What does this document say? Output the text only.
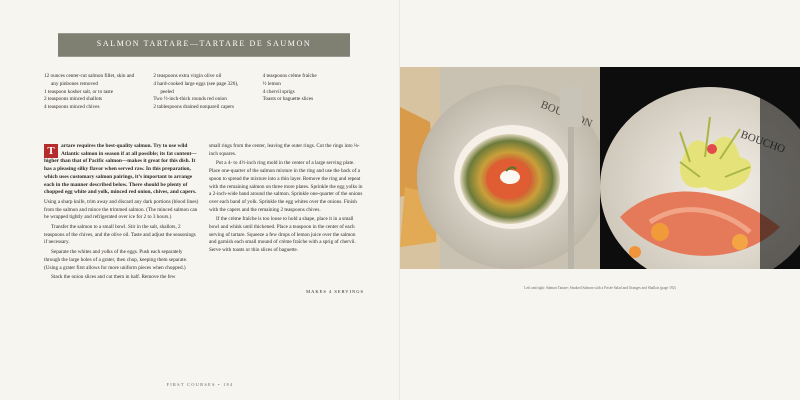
SALMON TARTARE—TARTARE DE SAUMON
12 ounces center-cut salmon fillet, skin and
any pinbones removed
1 teaspoon kosher salt, or to taste
2 teaspoons minced shallots
4 teaspoons minced chives
2 teaspoons extra virgin olive oil
4 hard-cooked large eggs (see page 326),
peeled
Two ½-inch-thick rounds red onion
2 tablespoons drained nonpareil capers
4 teaspoons crème fraîche
½ lemon
4 chervil sprigs
Toasts or baguette slices

T	artare requires the best-quality salmon. Try to use wild Atlantic salmon in season if at all possible; its fat content—higher than that of Pacific salmon—makes it great for this dish. It has a pleasing silky flavor when served raw. In this preparation, which uses customary salmon pairings, it’s important to arrange each in the manner described below. There should be plenty of chopped egg white and yolk, minced red onion, chives, and capers.

Using a sharp knife, trim away and discard any dark portions (blood lines) from the salmon and mince the trimmed salmon. (The minced salmon can be wrapped tightly and refrigerated over ice for 2 to 3 hours.)

Transfer the salmon to a small bowl. Stir in the salt, shallots, 2 teaspoons of the chives, and the olive oil. Taste and adjust the seasonings if necessary.

Separate the whites and yolks of the eggs. Push each separately through the large holes of a grater, then chop, keeping them separate. (Using a grater first allows for more uniform pieces when chopped.)

Stack the onion slices and cut them in half. Remove the few

small rings from the center, leaving the outer rings. Cut the rings into ⅛-inch squares.

Put a 4- to 4½-inch ring mold in the center of a large serving plate. Place one-quarter of the salmon mixture in the ring and use the back of a spoon to spread the mixture into a thin layer. Remove the ring and repeat with the remaining salmon on three more plates. Sprinkle the egg yolks in a 2-inch-wide band around the salmon. Sprinkle one-quarter of the onions over each band of yolk. Sprinkle the egg whites over the onions. Finish with the capers and the remaining 2 teaspoons chives.

If the crème fraîche is too loose to hold a shape, place it in a small bowl and whisk until thickened. Place a teaspoon in the center of each serving of tartare. Squeeze a few drops of lemon juice over the salmon and garnish each small mound of crème fraîche with a sprig of chervil. Serve with toasts or thin slices of baguette.

MAKES 4 SERVINGS
FIRST COURSES • 184
Left and right: Salmon Tartare; Smoked Salmon with a Frisée Salad and Oranges and Shallots (page 192)
